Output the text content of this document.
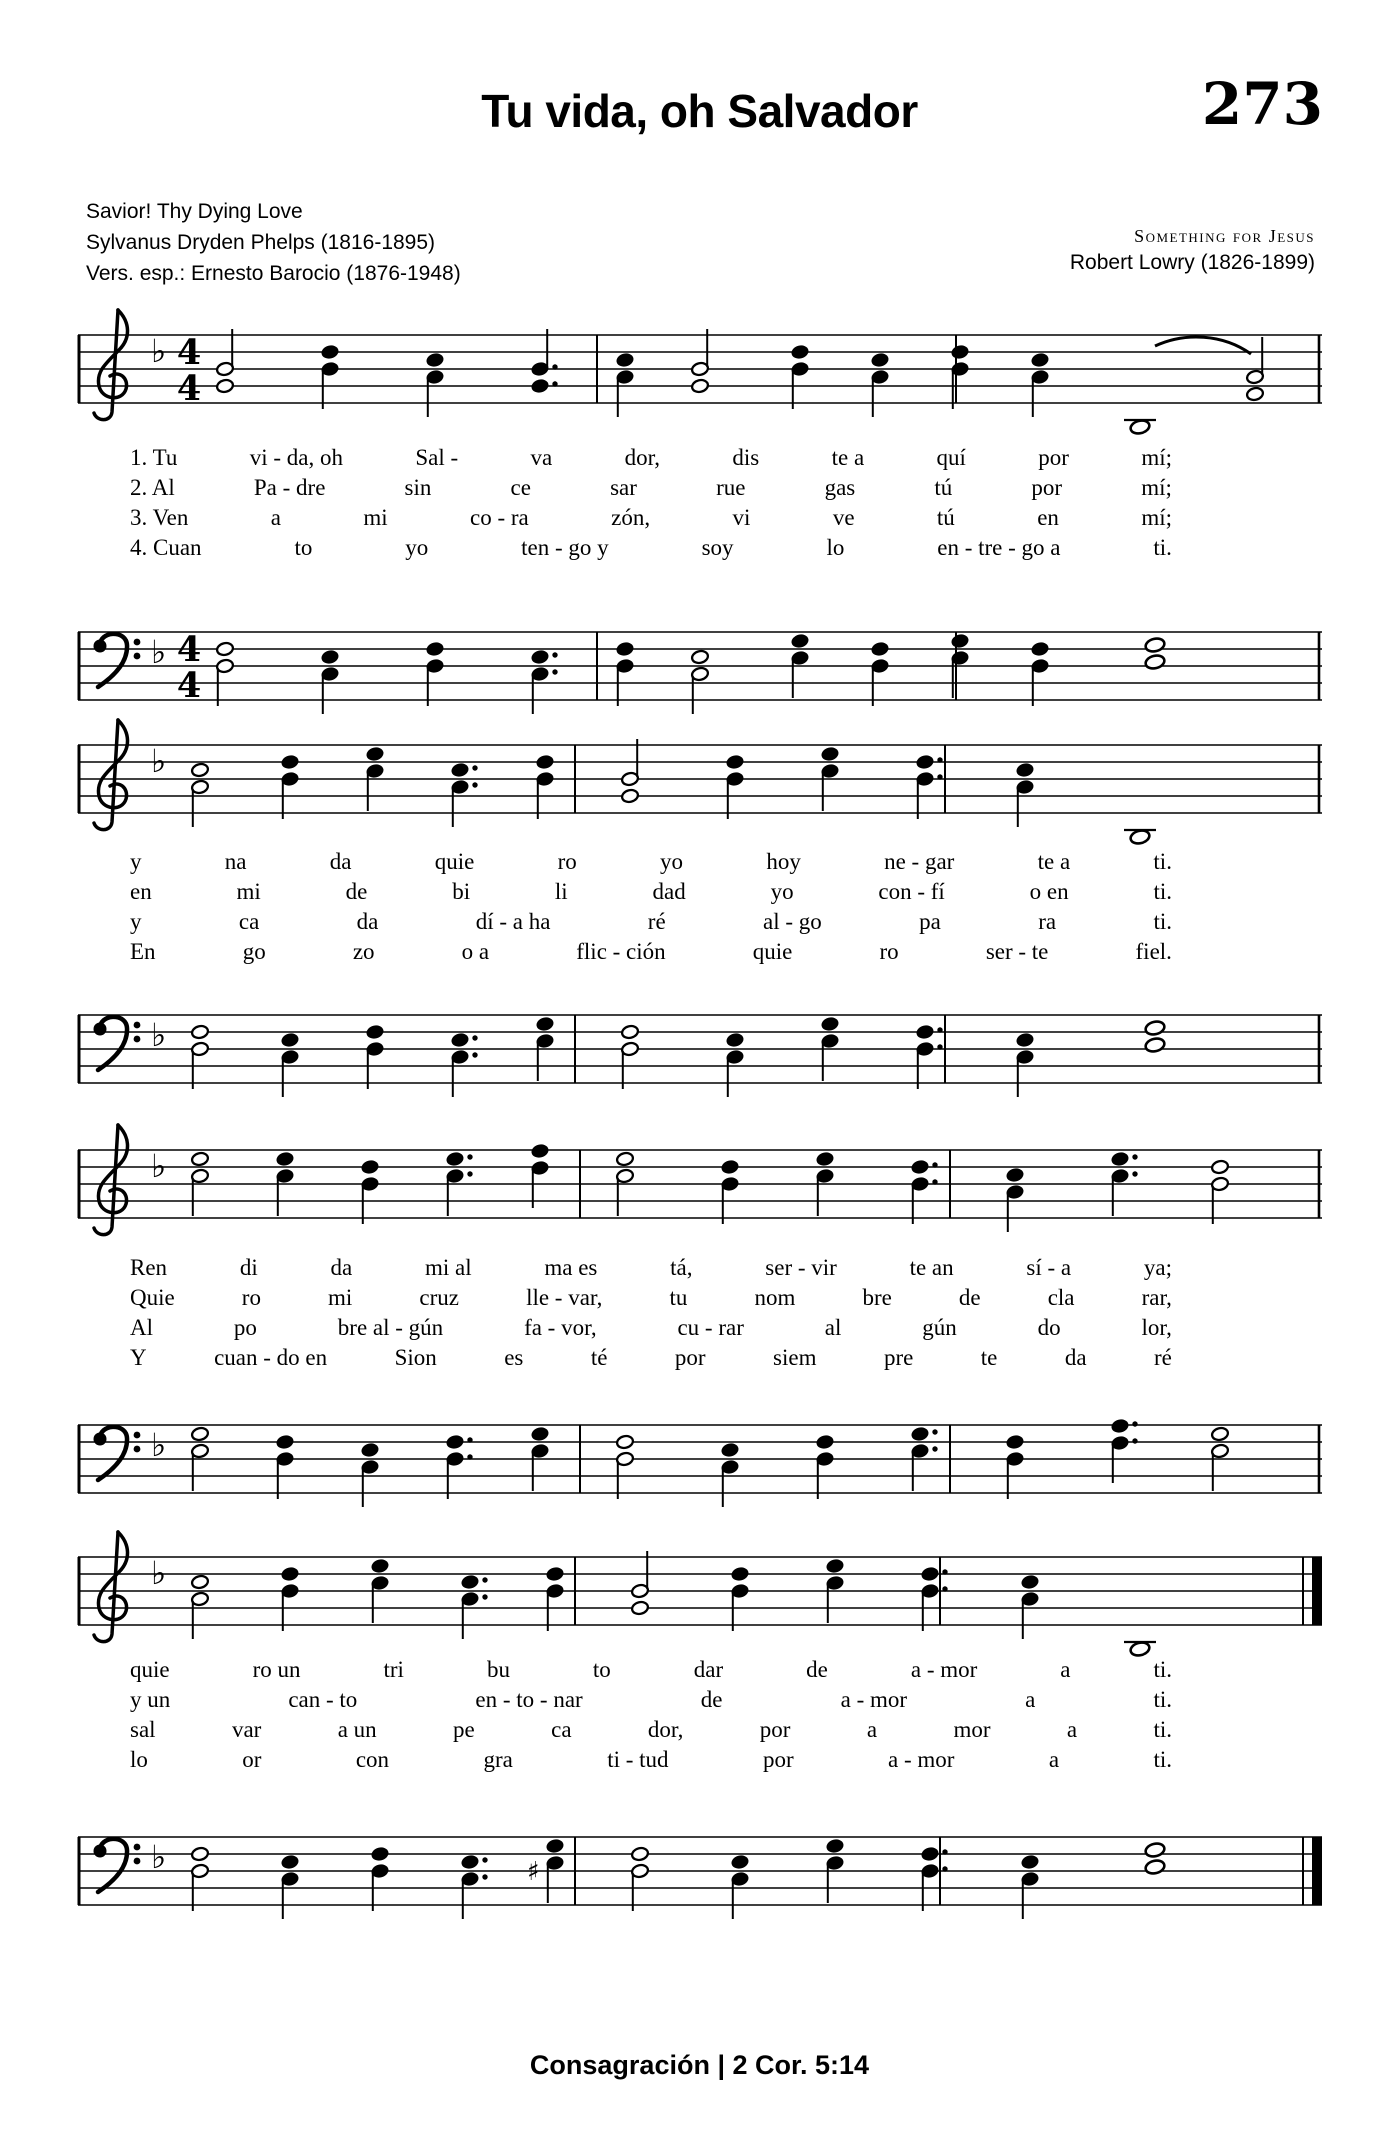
Tu vida, oh Salvador	273
Savior! Thy Dying Love
Sylvanus Dryden Phelps (1816-1895)
Vers. esp.: Ernesto Barocio (1876-1948)
Something for Jesus
Robert Lowry (1826-1899)
♭ 4
4
1. Tu	vi - da, oh	Sal -	va	dor,	dis	te a	quí	por	mí;
2. Al	Pa - dre	sin	ce	sar	rue	gas	tú	por	mí;
3. Ven	a	mi	co - ra	zón,	vi	ve	tú	en	mí;
4. Cuan	to	yo	ten - go y	soy	lo	en - tre - go a	ti.
♭ 4
4
♭
y	na	da	quie	ro	yo	hoy	ne - gar	te a	ti.
en	mi	de	bi	li	dad	yo	con - fí	o en	ti.
y	ca	da	dí - a ha	ré	al - go	pa	ra	ti.
En	go	zo	o a	flic - ción	quie	ro	ser - te	fiel.
♭
♭
Ren	di	da	mi al	ma es	tá,	ser - vir	te an	sí - a	ya;
Quie	ro	mi	cruz	lle - var,	tu	nom	bre	de	cla	rar,
Al	po	bre al - gún	fa - vor,	cu - rar	al	gún	do	lor,
Y	cuan - do en	Sion	es	té	por	siem	pre	te	da	ré
♭
♭
quie	ro un	tri	bu	to	dar	de	a - mor	a	ti.
y un	can - to	en - to - nar	de	a - mor	a	ti.
sal	var	a un	pe	ca	dor,	por	a	mor	a	ti.
lo	or	con	gra	ti - tud	por	a - mor	a	ti.
♭	♯
Consagración | 2 Cor. 5:14
